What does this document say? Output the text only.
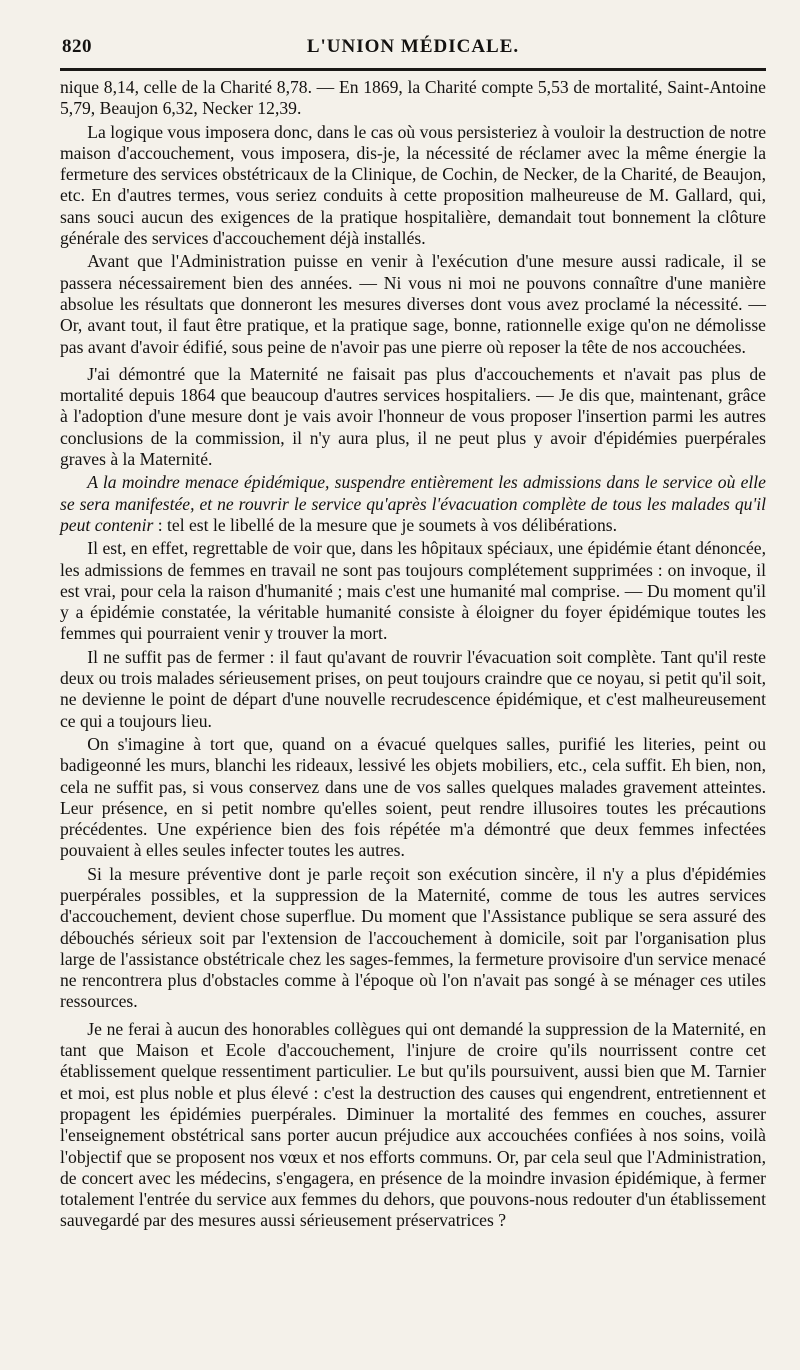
820	L'UNION MÉDICALE.

nique 8,14, celle de la Charité 8,78. — En 1869, la Charité compte 5,53 de mortalité, Saint-Antoine 5,79, Beaujon 6,32, Necker 12,39.

La logique vous imposera donc, dans le cas où vous persisteriez à vouloir la destruction de notre maison d'accouchement, vous imposera, dis-je, la nécessité de réclamer avec la même énergie la fermeture des services obstétricaux de la Clinique, de Cochin, de Necker, de la Charité, de Beaujon, etc. En d'autres termes, vous seriez conduits à cette proposition malheureuse de M. Gallard, qui, sans souci aucun des exigences de la pratique hospitalière, demandait tout bonnement la clôture générale des services d'accouchement déjà installés.

Avant que l'Administration puisse en venir à l'exécution d'une mesure aussi radicale, il se passera nécessairement bien des années. — Ni vous ni moi ne pouvons connaître d'une manière absolue les résultats que donneront les mesures diverses dont vous avez proclamé la nécessité. — Or, avant tout, il faut être pratique, et la pratique sage, bonne, rationnelle exige qu'on ne démolisse pas avant d'avoir édifié, sous peine de n'avoir pas une pierre où reposer la tête de nos accouchées.

J'ai démontré que la Maternité ne faisait pas plus d'accouchements et n'avait pas plus de mortalité depuis 1864 que beaucoup d'autres services hospitaliers. — Je dis que, maintenant, grâce à l'adoption d'une mesure dont je vais avoir l'honneur de vous proposer l'insertion parmi les autres conclusions de la commission, il n'y aura plus, il ne peut plus y avoir d'épidémies puerpérales graves à la Maternité.

A la moindre menace épidémique, suspendre entièrement les admissions dans le service où elle se sera manifestée, et ne rouvrir le service qu'après l'évacuation complète de tous les malades qu'il peut contenir : tel est le libellé de la mesure que je soumets à vos délibérations.

Il est, en effet, regrettable de voir que, dans les hôpitaux spéciaux, une épidémie étant dénoncée, les admissions de femmes en travail ne sont pas toujours complétement supprimées : on invoque, il est vrai, pour cela la raison d'humanité ; mais c'est une humanité mal comprise. — Du moment qu'il y a épidémie constatée, la véritable humanité consiste à éloigner du foyer épidémique toutes les femmes qui pourraient venir y trouver la mort.

Il ne suffit pas de fermer : il faut qu'avant de rouvrir l'évacuation soit complète. Tant qu'il reste deux ou trois malades sérieusement prises, on peut toujours craindre que ce noyau, si petit qu'il soit, ne devienne le point de départ d'une nouvelle recrudescence épidémique, et c'est malheureusement ce qui a toujours lieu.

On s'imagine à tort que, quand on a évacué quelques salles, purifié les literies, peint ou badigeonné les murs, blanchi les rideaux, lessivé les objets mobiliers, etc., cela suffit. Eh bien, non, cela ne suffit pas, si vous conservez dans une de vos salles quelques malades gravement atteintes. Leur présence, en si petit nombre qu'elles soient, peut rendre illusoires toutes les précautions précédentes. Une expérience bien des fois répétée m'a démontré que deux femmes infectées pouvaient à elles seules infecter toutes les autres.

Si la mesure préventive dont je parle reçoit son exécution sincère, il n'y a plus d'épidémies puerpérales possibles, et la suppression de la Maternité, comme de tous les autres services d'accouchement, devient chose superflue. Du moment que l'Assistance publique se sera assuré des débouchés sérieux soit par l'extension de l'accouchement à domicile, soit par l'organisation plus large de l'assistance obstétricale chez les sages-femmes, la fermeture provisoire d'un service menacé ne rencontrera plus d'obstacles comme à l'époque où l'on n'avait pas songé à se ménager ces utiles ressources.

Je ne ferai à aucun des honorables collègues qui ont demandé la suppression de la Maternité, en tant que Maison et Ecole d'accouchement, l'injure de croire qu'ils nourrissent contre cet établissement quelque ressentiment particulier. Le but qu'ils poursuivent, aussi bien que M. Tarnier et moi, est plus noble et plus élevé : c'est la destruction des causes qui engendrent, entretiennent et propagent les épidémies puerpérales. Diminuer la mortalité des femmes en couches, assurer l'enseignement obstétrical sans porter aucun préjudice aux accouchées confiées à nos soins, voilà l'objectif que se proposent nos vœux et nos efforts communs. Or, par cela seul que l'Administration, de concert avec les médecins, s'engagera, en présence de la moindre invasion épidémique, à fermer totalement l'entrée du service aux femmes du dehors, que pouvons-nous redouter d'un établissement sauvegardé par des mesures aussi sérieusement préservatrices ?
